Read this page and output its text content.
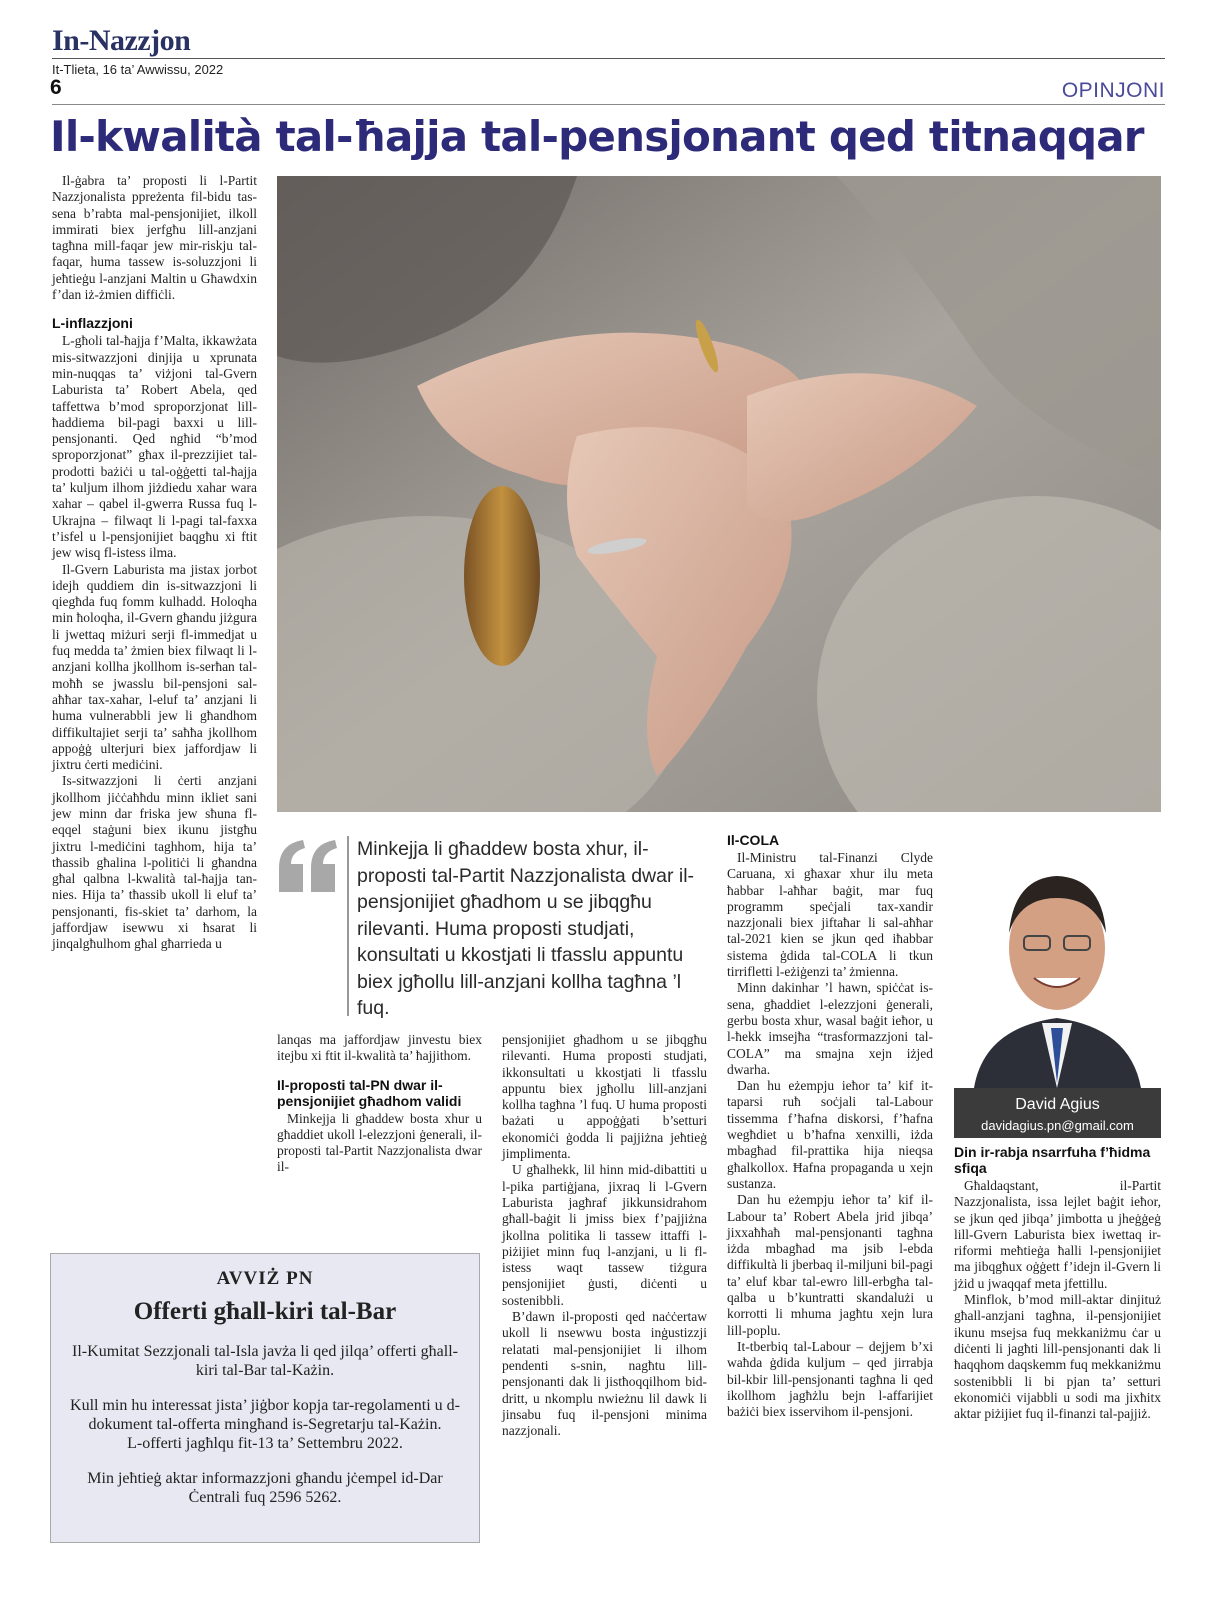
In-Nazzjon
It-Tlieta, 16 ta’ Awwissu, 2022
6	OPINJONI
Il-kwalità tal-ħajja tal-pensjonant qed titnaqqar

Il-ġabra ta’ proposti li l-Partit Nazzjonalista ppreżenta fil-bidu tas-sena b’rabta mal-pensjonijiet, ilkoll immirati biex jerfgħu lill-anzjani tagħna mill-faqar jew mir-riskju tal-faqar, huma tassew is-soluzzjoni li jeħtieġu l-anzjani Maltin u Għawdxin f’dan iż-żmien diffiċli.

L-inflazzjoni

L-għoli tal-ħajja f’Malta, ikkawżata mis-sitwazzjoni dinjija u xprunata min-nuqqas ta’ viżjoni tal-Gvern Laburista ta’ Robert Abela, qed taffettwa b’mod sproporzjonat lill-ħaddiema bil-pagi baxxi u lill-pensjonanti. Qed ngħid “b’mod sproporzjonat” għax il-prezzijiet tal-prodotti bażiċi u tal-oġġetti tal-ħajja ta’ kuljum ilhom jiżdiedu xahar wara xahar – qabel il-gwerra Russa fuq l-Ukrajna – filwaqt li l-pagi tal-faxxa t’isfel u l-pensjonijiet baqgħu xi ftit jew wisq fl-istess ilma.

Il-Gvern Laburista ma jistax jorbot idejh quddiem din is-sitwazzjoni li qiegħda fuq fomm kulhadd. Holoqha min ħoloqha, il-Gvern għandu jiżgura li jwettaq miżuri serji fl-immedjat u fuq medda ta’ żmien biex filwaqt li l-anzjani kollha jkollhom is-serħan tal-moħħ se jwasslu bil-pensjoni sal-aħħar tax-xahar, l-eluf ta’ anzjani li huma vulnerabbli jew li għandhom diffikultajiet serji ta’ saħħa jkollhom appoġġ ulterjuri biex jaffordjaw li jixtru ċerti mediċini.

Is-sitwazzjoni li ċerti anzjani jkollhom jiċċaħħdu minn ikliet sani jew minn dar friska jew sħuna fl-eqqel staġuni biex ikunu jistgħu jixtru l-mediċini taghhom, hija ta’ tħassib għalina l-politiċi li għandna għal qalbna l-kwalità tal-ħajja tan-nies. Hija ta’ tħassib ukoll li eluf ta’ pensjonanti, fis-skiet ta’ darhom, la jaffordjaw isewwu xi ħsarat li jinqalgħulhom għal għarrieda u

Minkejja li għaddew bosta xhur, il-proposti tal-Partit Nazzjonalista dwar il-pensjonijiet għadhom u se jibqgħu rilevanti. Huma proposti studjati, konsultati u kkostjati li tfasslu appuntu biex jgħollu lill-anzjani kollha tagħna ’l fuq.

lanqas ma jaffordjaw jinvestu biex itejbu xi ftit il-kwalità ta’ ħajjithom.

Il-proposti tal-PN dwar il-pensjonijiet għadhom validi

Minkejja li għaddew bosta xhur u għaddiet ukoll l-elezzjoni ġenerali, il-proposti tal-Partit Nazzjonalista dwar il-

pensjonijiet għadhom u se jibqgħu rilevanti. Huma proposti studjati, ikkonsultati u kkostjati li tfasslu appuntu biex jgħollu lill-anzjani kollha tagħna ’l fuq. U huma proposti bażati u appoġġati b’setturi ekonomiċi ġodda li pajjiżna jeħtieġ jimplimenta.

U għalhekk, lil hinn mid-dibattiti u l-pika partiġjana, jixraq li l-Gvern Laburista jagħraf jikkunsidrahom għall-baġit li jmiss biex f’pajjiżna jkollna politika li tassew ittaffi l-piżijiet minn fuq l-anzjani, u li fl-istess waqt tassew tiżgura pensjonijiet ġusti, diċenti u sostenibbli.

B’dawn il-proposti qed naċċertaw ukoll li nsewwu bosta inġustizzji relatati mal-pensjonijiet li ilhom pendenti s-snin, nagħtu lill-pensjonanti dak li jistħoqqilhom bid-dritt, u nkomplu nwieżnu lil dawk li jinsabu fuq il-pensjoni minima nazzjonali.

Il-COLA

Il-Ministru tal-Finanzi Clyde Caruana, xi għaxar xhur ilu meta ħabbar l-aħħar baġit, mar fuq programm speċjali tax-xandir nazzjonali biex jiftaħar li sal-aħħar tal-2021 kien se jkun qed iħabbar sistema ġdida tal-COLA li tkun tirrifletti l-eżiġenzi ta’ żmienna.

Minn dakinhar ’l hawn, spiċċat is-sena, għaddiet l-elezzjoni ġenerali, gerbu bosta xhur, wasal baġit ieħor, u l-ħekk imsejħa “trasformazzjoni tal-COLA” ma smajna xejn iżjed dwarha.

Dan hu eżempju ieħor ta’ kif it-taparsi ruħ soċjali tal-Labour tissemma f’ħafna diskorsi, f’ħafna wegħdiet u b’ħafna xenxilli, iżda mbagħad fil-prattika hija nieqsa għalkollox. Ħafna propaganda u xejn sustanza.

Dan hu eżempju ieħor ta’ kif il-Labour ta’ Robert Abela jrid jibqa’ jixxaħħaħ mal-pensjonanti tagħna iżda mbagħad ma jsib l-ebda diffikultà li jberbaq il-miljuni bil-pagi ta’ eluf kbar tal-ewro lill-erbgħa tal-qalba u b’kuntratti skandalużi u korrotti li mhuma jagħtu xejn lura lill-poplu.

It-tberbiq tal-Labour – dejjem b’xi waħda ġdida kuljum – qed jirrabja bil-kbir lill-pensjonanti tagħna li qed ikollhom jagħżlu bejn l-affarijiet bażiċi biex isservihom il-pensjoni.

David Agius
davidagius.pn@gmail.com
Din ir-rabja nsarrfuha f’ħidma sfiqa

Għaldaqstant, il-Partit Nazzjonalista, issa lejlet baġit ieħor, se jkun qed jibqa’ jimbotta u jheġġeġ lill-Gvern Laburista biex iwettaq ir-riformi meħtieġa ħalli l-pensjonijiet ma jibqgħux oġġett f’idejn il-Gvern li jżid u jwaqqaf meta jfettillu.

Minflok, b’mod mill-aktar dinjituż għall-anzjani tagħna, il-pensjonijiet ikunu msejsa fuq mekkaniżmu ċar u diċenti li jagħti lill-pensjonanti dak li ħaqqhom daqskemm fuq mekkaniżmu sostenibbli li bi pjan ta’ setturi ekonomiċi vijabbli u sodi ma jixħitx aktar piżijiet fuq il-finanzi tal-pajjiż.

AVVIŻ PN
Offerti għall-kiri tal-Bar
Il-Kumitat Sezzjonali tal-Isla javża li qed jilqa’ offerti għall-kiri tal-Bar tal-Każin.
Kull min hu interessat jista’ jiġbor kopja tar-regolamenti u d-dokument tal-offerta mingħand is-Segretarju tal-Każin.
L-offerti jagħlqu fit-13 ta’ Settembru 2022.
Min jeħtieġ aktar informazzjoni għandu jċempel id-Dar Ċentrali fuq 2596 5262.
